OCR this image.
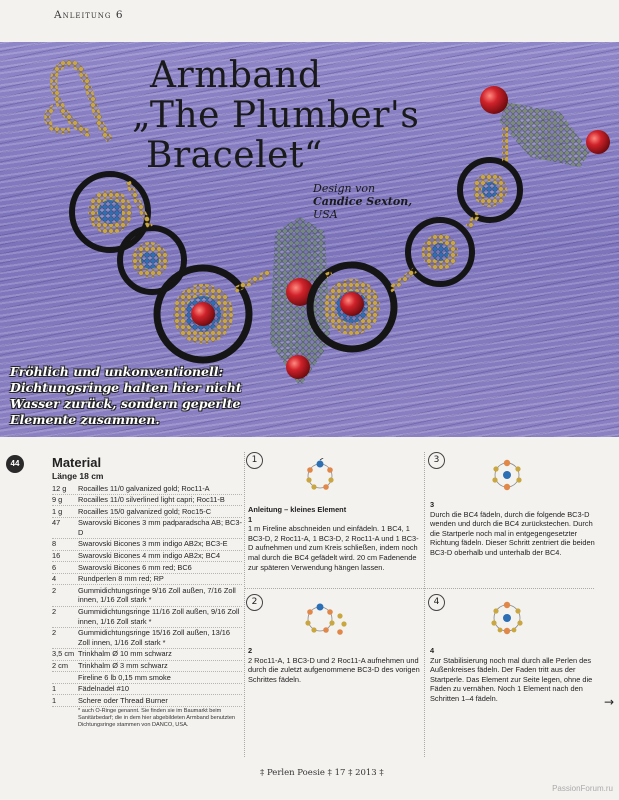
Anleitung 6
Armband
„The Plumber's
Bracelet“
Design von
Candice Sexton,
USA
Fröhlich und unkonventionell: Dichtungsringe halten hier nicht Wasser zurück, sondern geperlte Elemente zusammen.
44	Material
Länge 18 cm
12 g	Rocailles 11/0 galvanized gold; Roc11-A
9 g	Rocailles 11/0 silverlined light capri; Roc11-B
1 g	Rocailles 15/0 galvanized gold; Roc15-C
47	Swarovski Bicones 3 mm padparadscha AB; BC3-D
8	Swarovski Bicones 3 mm indigo AB2x; BC3-E
16	Swarovski Bicones 4 mm indigo AB2x; BC4
6	Swarovski Bicones 6 mm red; BC6
4	Rundperlen 8 mm red; RP
2	Gummidichtungsringe 9/16 Zoll außen, 7/16 Zoll innen, 1/16 Zoll stark *
2	Gummidichtungsringe 11/16 Zoll außen, 9/16 Zoll innen, 1/16 Zoll stark *
2	Gummidichtungsringe 15/16 Zoll außen, 13/16 Zoll innen, 1/16 Zoll stark *
3,5 cm Trinkhalm Ø 10 mm schwarz
2 cm	Trinkhalm Ø 3 mm schwarz
Fireline 6 lb 0,15 mm smoke
1	Fädelnadel #10
1	Schere oder Thread Burner
* auch O-Ringe genannt. Sie finden sie im Baumarkt beim Sanitärbedarf; die in dem hier abgebildeten Armband benutzten Dichtungsringe stammen von DANCO, USA.
1
Anleitung – kleines Element
1
1 m Fireline abschneiden und einfädeln. 1 BC4, 1 BC3-D, 2 Roc11-A, 1 BC3-D, 2 Roc11-A und 1 BC3-D aufnehmen und zum Kreis schließen, indem noch mal durch die BC4 gefädelt wird. 20 cm Fadenende zur späteren Verwendung hängen lassen.
3
3
Durch die BC4 fädeln, durch die folgende BC3-D wenden und durch die BC4 zurückstechen. Durch die Startperle noch mal in entgegengesetzter Richtung fädeln. Dieser Schritt zentriert die beiden BC3-D oberhalb und unterhalb der BC4.
2
2
2 Roc11-A, 1 BC3-D und 2 Roc11-A aufnehmen und durch die zuletzt aufgenommene BC3-D des vorigen Schrittes fädeln.
4
4
Zur Stabilisierung noch mal durch alle Perlen des Außenkreises fädeln. Der Faden tritt aus der Startperle. Das Element zur Seite legen, ohne die Fäden zu vernähen. Noch 1 Element nach den Schritten 1–4 fädeln.	→
‡ Perlen Poesie ‡ 17 ‡ 2013 ‡
PassionForum.ru
